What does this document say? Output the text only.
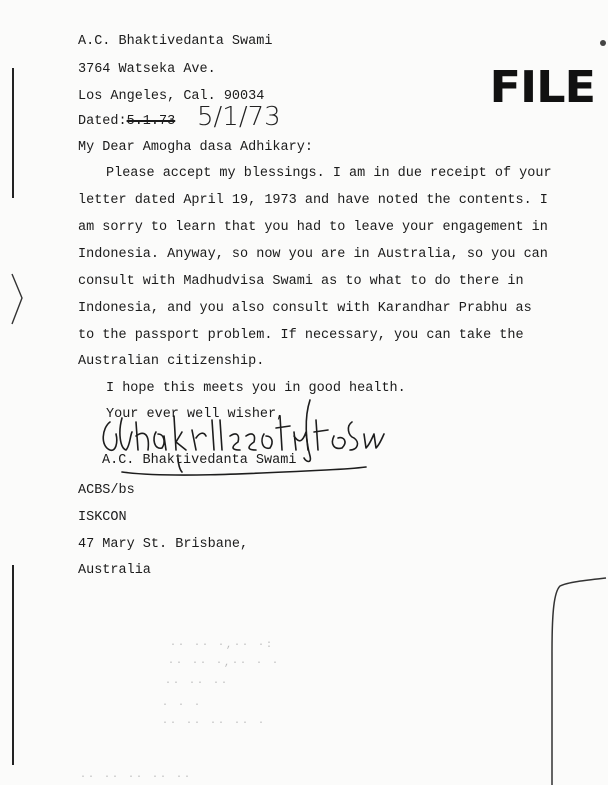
FILE
A.C. Bhaktivedanta Swami
3764 Watseka Ave.
Los Angeles, Cal. 90034
Dated:5.1.73 5/1/73
My Dear Amogha dasa Adhikary:
Please accept my blessings. I am in due receipt of your
letter dated April 19, 1973 and have noted the contents. I
am sorry to learn that you had to leave your engagement in
Indonesia. Anyway, so now you are in Australia, so you can
consult with Madhudvisa Swami as to what to do there in
Indonesia, and you also consult with Karandhar Prabhu as
to the passport problem. If necessary, you can take the
Australian citizenship.
I hope this meets you in good health.
Your ever well wisher,
A.C. Bhaktivedanta Swami
ACBS/bs
ISKCON
47 Mary St. Brisbane,
Australia
·· ·· ·,·· ·:
·· ·· ·,·· · ·
·· ·· ··
· · ·
·· ·· ·· ·· ·
·· ·· ·· ·· ··
